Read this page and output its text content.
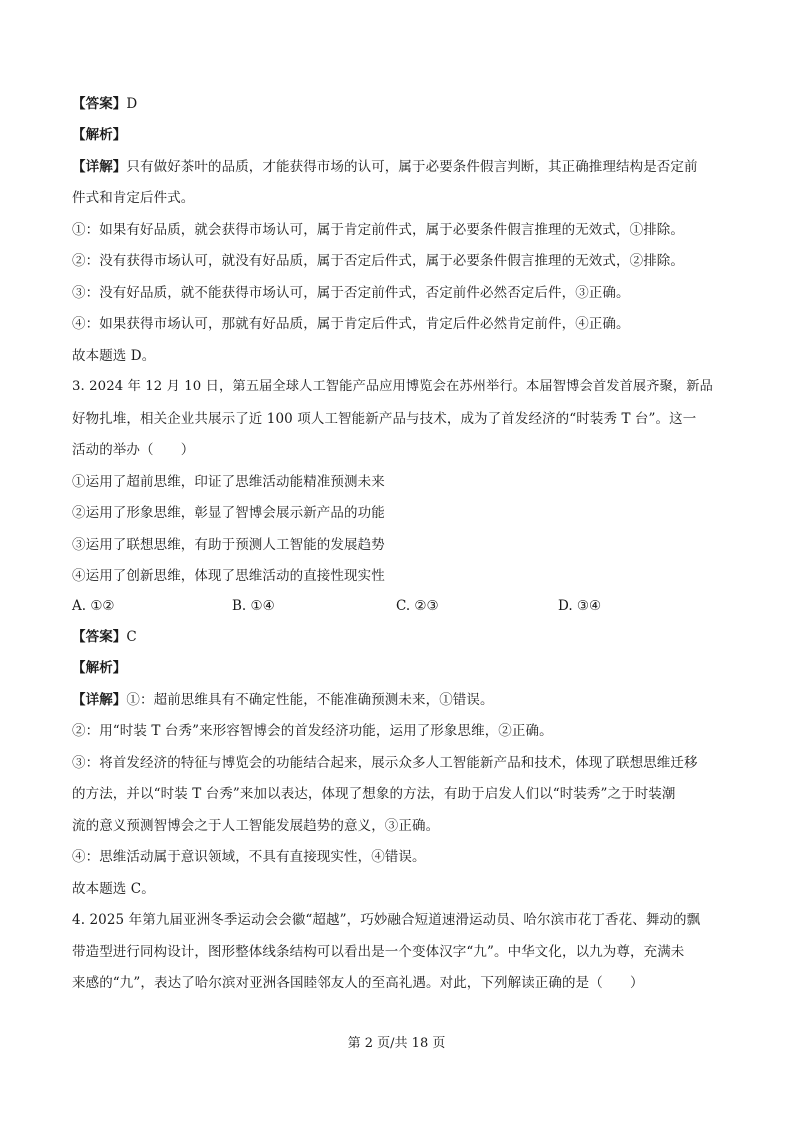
【答案】D
【解析】
【详解】只有做好茶叶的品质，才能获得市场的认可，属于必要条件假言判断，其正确推理结构是否定前
件式和肯定后件式。
①：如果有好品质，就会获得市场认可，属于肯定前件式，属于必要条件假言推理的无效式，①排除。
②：没有获得市场认可，就没有好品质，属于否定后件式，属于必要条件假言推理的无效式，②排除。
③：没有好品质，就不能获得市场认可，属于否定前件式，否定前件必然否定后件，③正确。
④：如果获得市场认可，那就有好品质，属于肯定后件式，肯定后件必然肯定前件，④正确。
故本题选 D。
3. 2024 年 12 月 10 日，第五届全球人工智能产品应用博览会在苏州举行。本届智博会首发首展齐聚，新品
好物扎堆，相关企业共展示了近 100 项人工智能新产品与技术，成为了首发经济的“时装秀 T 台”。这一
活动的举办（　　）
①运用了超前思维，印证了思维活动能精准预测未来
②运用了形象思维，彰显了智博会展示新产品的功能
③运用了联想思维，有助于预测人工智能的发展趋势
④运用了创新思维，体现了思维活动的直接性现实性
A. ①②	B. ①④	C. ②③	D. ③④
【答案】C
【解析】
【详解】①：超前思维具有不确定性能，不能准确预测未来，①错误。
②：用“时装 T 台秀”来形容智博会的首发经济功能，运用了形象思维，②正确。
③：将首发经济的特征与博览会的功能结合起来，展示众多人工智能新产品和技术，体现了联想思维迁移
的方法，并以“时装 T 台秀”来加以表达，体现了想象的方法，有助于启发人们以“时装秀”之于时装潮
流的意义预测智博会之于人工智能发展趋势的意义，③正确。
④：思维活动属于意识领域，不具有直接现实性，④错误。
故本题选 C。
4. 2025 年第九届亚洲冬季运动会会徽“超越”，巧妙融合短道速滑运动员、哈尔滨市花丁香花、舞动的飘
带造型进行同构设计，图形整体线条结构可以看出是一个变体汉字“九”。中华文化，以九为尊，充满未
来感的“九”，表达了哈尔滨对亚洲各国睦邻友人的至高礼遇。对此，下列解读正确的是（　　）
第 2 页/共 18 页
